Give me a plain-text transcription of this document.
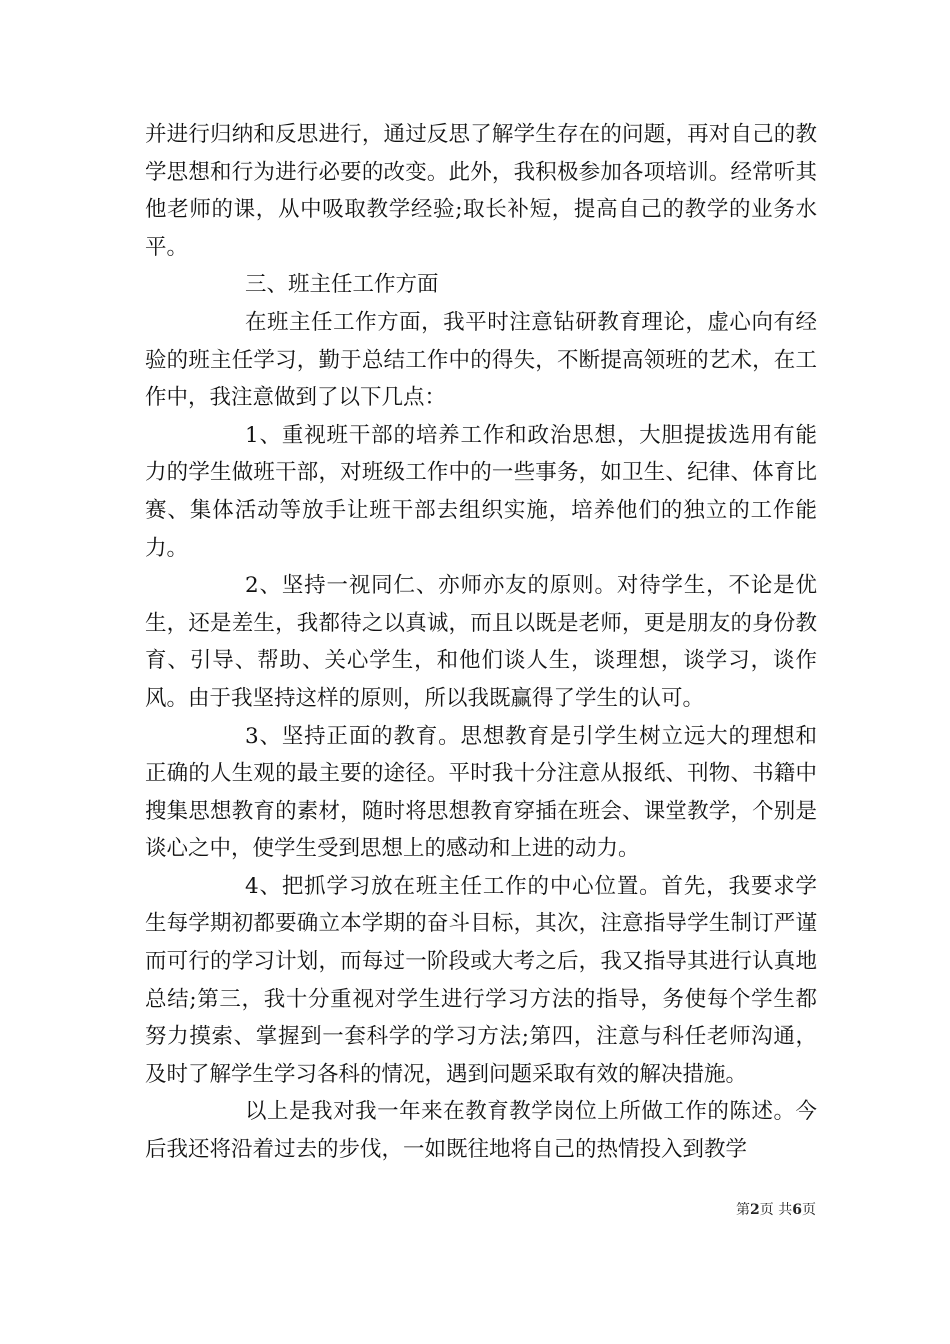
并进行归纳和反思进行，通过反思了解学生存在的问题，再对自己的教学思想和行为进行必要的改变。此外，我积极参加各项培训。经常听其他老师的课，从中吸取教学经验;取长补短，提高自己的教学的业务水平。

三、班主任工作方面

在班主任工作方面，我平时注意钻研教育理论，虚心向有经验的班主任学习，勤于总结工作中的得失，不断提高领班的艺术，在工作中，我注意做到了以下几点：

1、重视班干部的培养工作和政治思想，大胆提拔选用有能力的学生做班干部，对班级工作中的一些事务，如卫生、纪律、体育比赛、集体活动等放手让班干部去组织实施，培养他们的独立的工作能力。

2、坚持一视同仁、亦师亦友的原则。对待学生，不论是优生，还是差生，我都待之以真诚，而且以既是老师，更是朋友的身份教育、引导、帮助、关心学生，和他们谈人生，谈理想，谈学习，谈作风。由于我坚持这样的原则，所以我既赢得了学生的认可。

3、坚持正面的教育。思想教育是引学生树立远大的理想和正确的人生观的最主要的途径。平时我十分注意从报纸、刊物、书籍中搜集思想教育的素材，随时将思想教育穿插在班会、课堂教学，个别是谈心之中，使学生受到思想上的感动和上进的动力。

4、把抓学习放在班主任工作的中心位置。首先，我要求学生每学期初都要确立本学期的奋斗目标，其次，注意指导学生制订严谨而可行的学习计划，而每过一阶段或大考之后，我又指导其进行认真地总结;第三，我十分重视对学生进行学习方法的指导，务使每个学生都努力摸索、掌握到一套科学的学习方法;第四，注意与科任老师沟通，及时了解学生学习各科的情况，遇到问题采取有效的解决措施。

以上是我对我一年来在教育教学岗位上所做工作的陈述。今后我还将沿着过去的步伐，一如既往地将自己的热情投入到教学

第2页 共6页
